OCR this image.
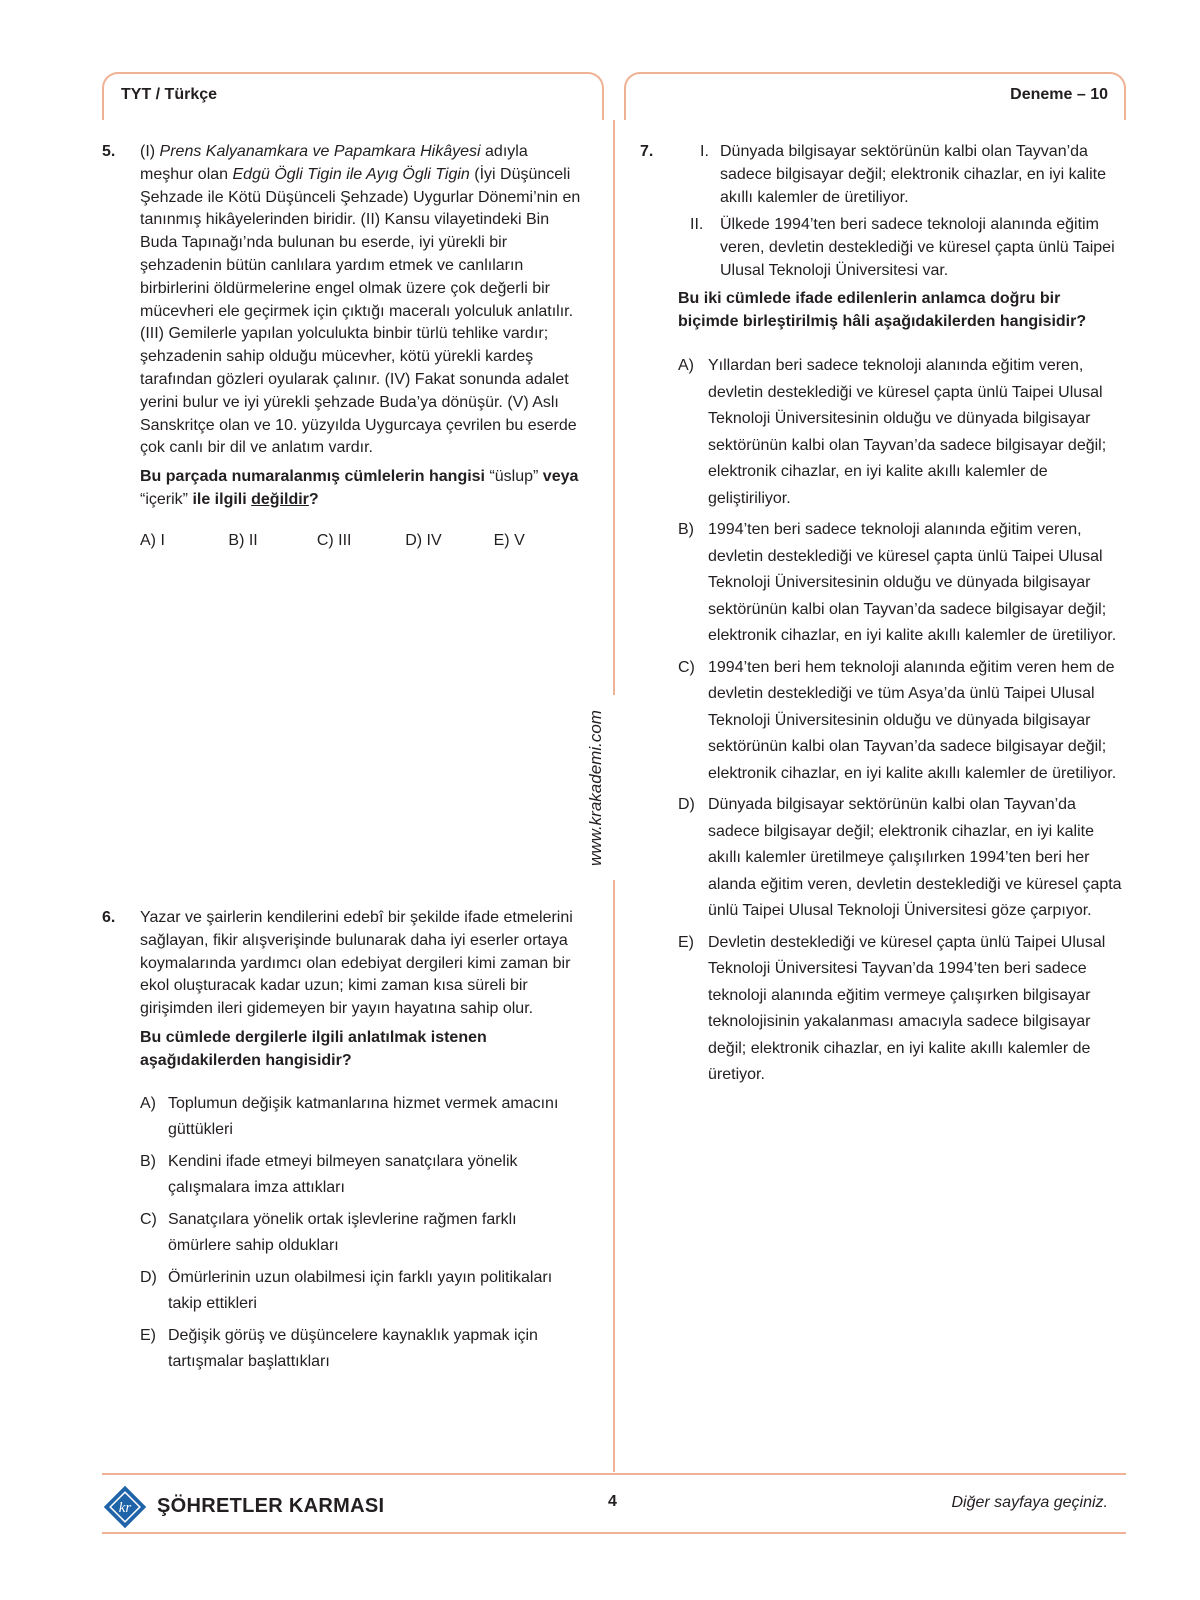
TYT / Türkçe	Deneme – 10
www.krakademi.com
5. (I) Prens Kalyanamkara ve Papamkara Hikâyesi adıyla meşhur olan Edgü Ögli Tigin ile Ayıg Ögli Tigin (İyi Düşünceli Şehzade ile Kötü Düşünceli Şehzade) Uygurlar Dönemi’nin en tanınmış hikâyelerinden biridir. (II) Kansu vilayetindeki Bin Buda Tapınağı’nda bulunan bu eserde, iyi yürekli bir şehzadenin bütün canlılara yardım etmek ve canlıların birbirlerini öldürmelerine engel olmak üzere çok değerli bir mücevheri ele geçirmek için çıktığı maceralı yolculuk anlatılır. (III) Gemilerle yapılan yolculukta binbir türlü tehlike vardır; şehzadenin sahip olduğu mücevher, kötü yürekli kardeş tarafından gözleri oyularak çalınır. (IV) Fakat sonunda adalet yerini bulur ve iyi yürekli şehzade Buda’ya dönüşür. (V) Aslı Sanskritçe olan ve 10. yüzyılda Uygurcaya çevrilen bu eserde çok canlı bir dil ve anlatım vardır.

Bu parçada numaralanmış cümlelerin hangisi “üslup” veya “içerik” ile ilgili değildir?

A) I	B) II	C) III	D) IV	E) V
6. Yazar ve şairlerin kendilerini edebî bir şekilde ifade etmelerini sağlayan, fikir alışverişinde bulunarak daha iyi eserler ortaya koymalarında yardımcı olan edebiyat dergileri kimi zaman bir ekol oluşturacak kadar uzun; kimi zaman kısa süreli bir girişimden ileri gidemeyen bir yayın hayatına sahip olur.

Bu cümlede dergilerle ilgili anlatılmak istenen aşağıdakilerden hangisidir?

A) Toplumun değişik katmanlarına hizmet vermek amacını güttükleri
B) Kendini ifade etmeyi bilmeyen sanatçılara yönelik çalışmalara imza attıkları
C) Sanatçılara yönelik ortak işlevlerine rağmen farklı ömürlere sahip oldukları
D) Ömürlerinin uzun olabilmesi için farklı yayın politikaları takip ettikleri
E) Değişik görüş ve düşüncelere kaynaklık yapmak için tartışmalar başlattıkları
7.	I. Dünyada bilgisayar sektörünün kalbi olan Tayvan’da sadece bilgisayar değil; elektronik cihazlar, en iyi kalite akıllı kalemler de üretiliyor.
II. Ülkede 1994’ten beri sadece teknoloji alanında eğitim veren, devletin desteklediği ve küresel çapta ünlü Taipei Ulusal Teknoloji Üniversitesi var.

Bu iki cümlede ifade edilenlerin anlamca doğru bir biçimde birleştirilmiş hâli aşağıdakilerden hangisidir?

A) Yıllardan beri sadece teknoloji alanında eğitim veren, devletin desteklediği ve küresel çapta ünlü Taipei Ulusal Teknoloji Üniversitesinin olduğu ve dünyada bilgisayar sektörünün kalbi olan Tayvan’da sadece bilgisayar değil; elektronik cihazlar, en iyi kalite akıllı kalemler de geliştiriliyor.
B) 1994’ten beri sadece teknoloji alanında eğitim veren, devletin desteklediği ve küresel çapta ünlü Taipei Ulusal Teknoloji Üniversitesinin olduğu ve dünyada bilgisayar sektörünün kalbi olan Tayvan’da sadece bilgisayar değil; elektronik cihazlar, en iyi kalite akıllı kalemler de üretiliyor.
C) 1994’ten beri hem teknoloji alanında eğitim veren hem de devletin desteklediği ve tüm Asya’da ünlü Taipei Ulusal Teknoloji Üniversitesinin olduğu ve dünyada bilgisayar sektörünün kalbi olan Tayvan’da sadece bilgisayar değil; elektronik cihazlar, en iyi kalite akıllı kalemler de üretiliyor.
D) Dünyada bilgisayar sektörünün kalbi olan Tayvan’da sadece bilgisayar değil; elektronik cihazlar, en iyi kalite akıllı kalemler üretilmeye çalışılırken 1994’ten beri her alanda eğitim veren, devletin desteklediği ve küresel çapta ünlü Taipei Ulusal Teknoloji Üniversitesi göze çarpıyor.
E) Devletin desteklediği ve küresel çapta ünlü Taipei Ulusal Teknoloji Üniversitesi Tayvan’da 1994’ten beri sadece teknoloji alanında eğitim vermeye çalışırken bilgisayar teknolojisinin yakalanması amacıyla sadece bilgisayar değil; elektronik cihazlar, en iyi kalite akıllı kalemler de üretiyor.
kr ŞÖHRETLER KARMASI	4	Diğer sayfaya geçiniz.
